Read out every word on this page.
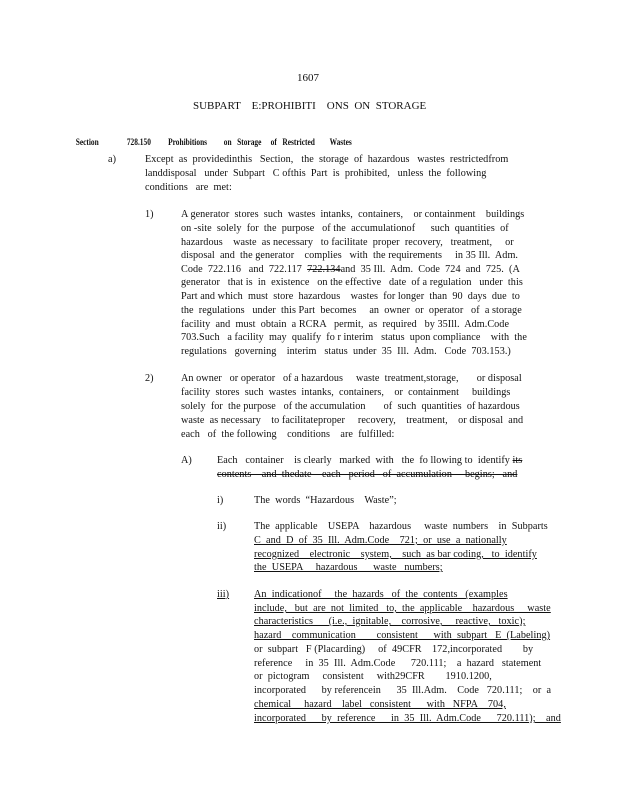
1607
SUBPART    E:PROHIBITI    ONS  ON  STORAGE

Section	728.150 Prohibitions         on   Storage     of   Restricted        Wastes

a)	Except  as  providedinthis   Section,   the  storage  of  hazardous   wastes  restrictedfrom
landdisposal   under  Subpart   C ofthis  Part  is  prohibited,   unless  the  following
conditions   are  met:
1)	A generator  stores  such  wastes  intanks,  containers,    or containment    buildings
on -site  solely  for  the  purpose   of the  accumulationof      such  quantities  of
hazardous    waste  as necessary   to facilitate  proper  recovery,   treatment,     or
disposal  and  the generator    complies   with  the requirements     in 35 Ill.  Adm.
Code  722.116   and  722.117 722.134and  35 Ill.  Adm.  Code  724  and  725.  (A
generator   that is  in  existence   on the effective   date  of a regulation   under  this
Part and which  must  store  hazardous    wastes  for longer  than  90  days  due  to
the  regulations   under  this Part  becomes     an  owner  or  operator   of  a storage
facility  and  must  obtain  a RCRA   permit,  as  required   by 35Ill.  Adm.Code
703.Such   a facility  may  qualify  fo r interim   status  upon compliance    with  the
regulations   governing    interim   status  under  35  Ill.  Adm.   Code  703.153.)
2)	An owner   or operator   of a hazardous     waste  treatment,storage,       or disposal
facility  stores  such  wastes  intanks,  containers,    or  containment     buildings
solely  for  the purpose   of the accumulation       of  such  quantities  of hazardous
waste  as necessary    to facilitateproper     recovery,    treatment,    or disposal  and
each   of  the following    conditions    are  fulfilled:
A) Each   container    is clearly   marked  with   the  fo llowing to  identify its
contents    and  thedate    each   period   of  accumulation     begins;   and
i)	The  words  “Hazardous    Waste”;
ii)	The  applicable    USEPA    hazardous     waste  numbers    in  Subparts
C  and  D  of  35  Ill.  Adm.Code    721;  or  use  a  nationally
recognized    electronic    system,    such  as bar coding,   to  identify
the  USEPA     hazardous      waste   numbers;
iii) An  indicationof     the  hazards   of  the  contents   (examples
include,   but  are  not  limited   to,  the  applicable    hazardous     waste
characteristics      (i.e.,  ignitable,    corrosive,     reactive,   toxic);
hazard    communication        consistent      with  subpart   E  (Labeling)
or  subpart   F (Placarding)     of  49CFR    172,incorporated        by
reference     in  35  Ill.  Adm.Code      720.111;    a  hazard   statement
or  pictogram     consistent     with29CFR        1910.1200,
incorporated      by referencein      35  Ill.Adm.    Code   720.111;    or  a
chemical     hazard    label   consistent      with   NFPA    704,
incorporated      by  reference      in  35  Ill.  Adm.Code      720.111);    and
